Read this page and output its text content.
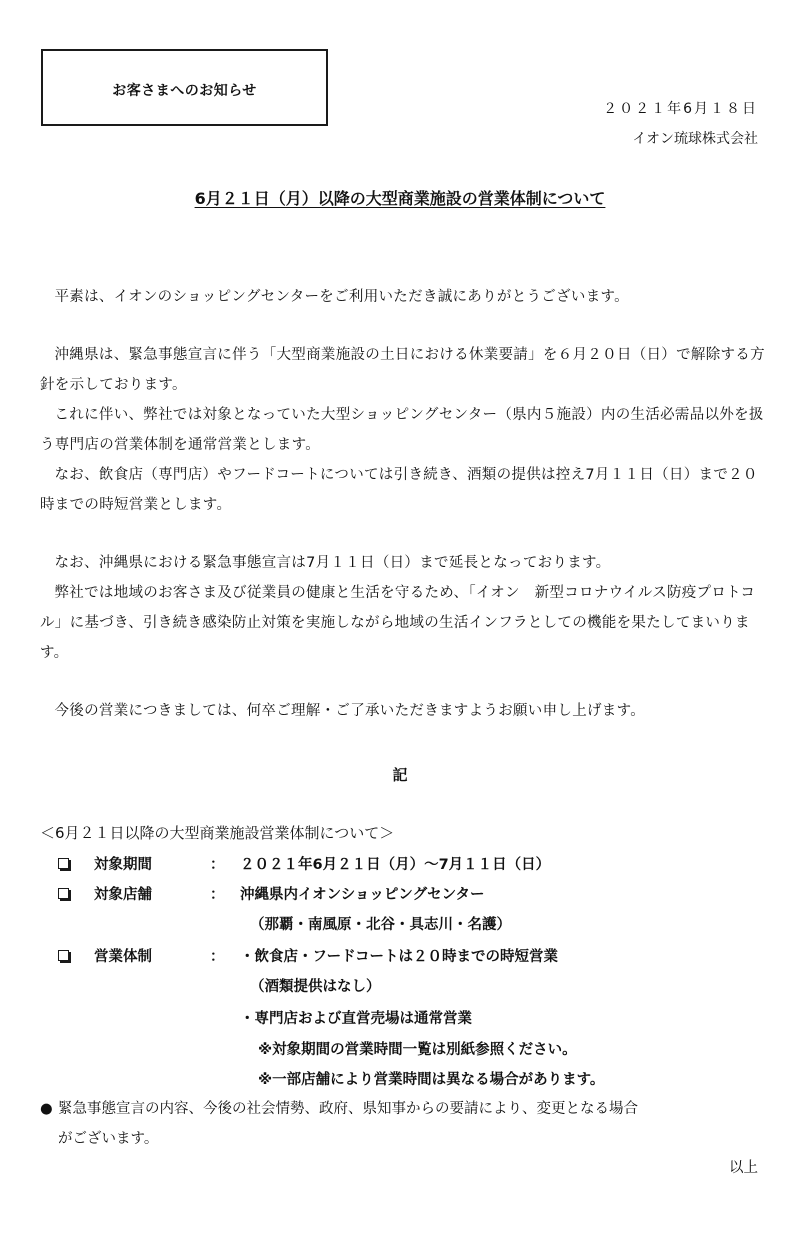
お客さまへのお知らせ
２０２１年6月１８日
イオン琉球株式会社
6月２１日（月）以降の大型商業施設の営業体制について

平素は、イオンのショッピングセンターをご利用いただき誠にありがとうございます。

沖縄県は、緊急事態宣言に伴う「大型商業施設の土日における休業要請」を６月２０日（日）で解除する方針を示しております。

これに伴い、弊社では対象となっていた大型ショッピングセンター（県内５施設）内の生活必需品以外を扱う専門店の営業体制を通常営業とします。

なお、飲食店（専門店）やフードコートについては引き続き、酒類の提供は控え7月１１日（日）まで２０時までの時短営業とします。

なお、沖縄県における緊急事態宣言は7月１１日（日）まで延長となっております。

弊社では地域のお客さま及び従業員の健康と生活を守るため、「イオン　新型コロナウイルス防疫プロトコル」に基づき、引き続き感染防止対策を実施しながら地域の生活インフラとしての機能を果たしてまいります。

今後の営業につきましては、何卒ご理解・ご了承いただきますようお願い申し上げます。

記
＜6月２１日以降の大型商業施設営業体制について＞
対象期間	： ２０２１年6月２１日（月）～7月１１日（日）
対象店舗	： 沖縄県内イオンショッピングセンター
（那覇・南風原・北谷・具志川・名護）
営業体制	： ・飲食店・フードコートは２０時までの時短営業
（酒類提供はなし）
・専門店および直営売場は通常営業
※対象期間の営業時間一覧は別紙参照ください。
※一部店舗により営業時間は異なる場合があります。

● 緊急事態宣言の内容、今後の社会情勢、政府、県知事からの要請により、変更となる場合
がございます。

以上
